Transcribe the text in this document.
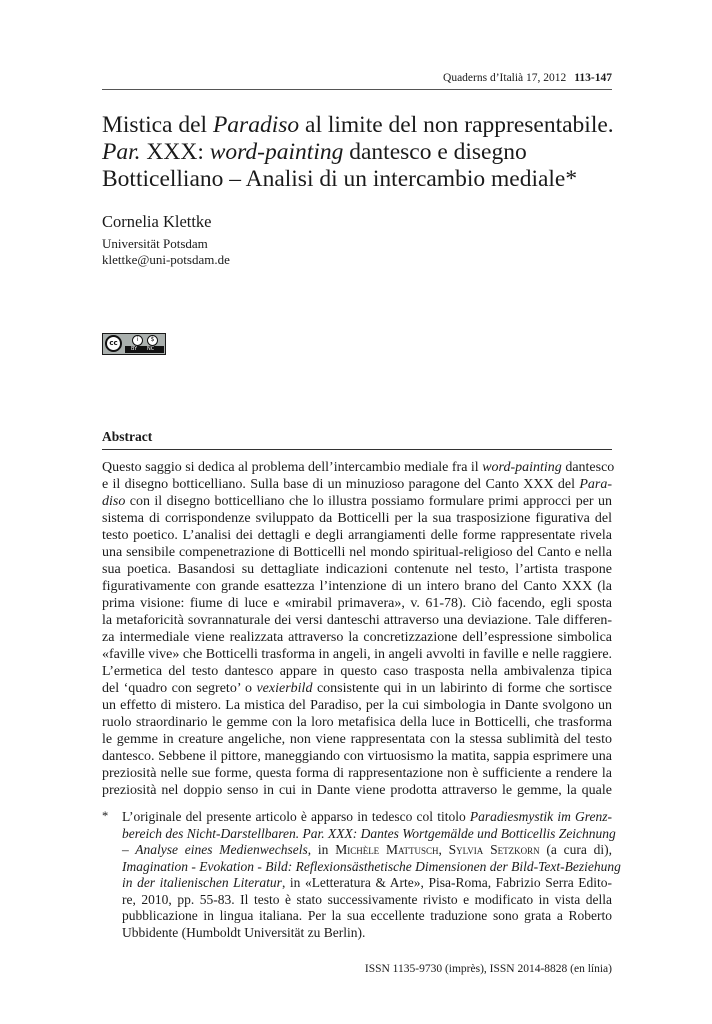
Quaderns d’Italià 17, 2012 113-147
Mistica del Paradiso al limite del non rappresentabile.
Par. XXX: word-painting dantesco e disegno
Botticelliano – Analisi di un intercambio mediale*
Cornelia Klettke
Universität Potsdam
klettke@uni-potsdam.de
cc	i	$
BY NC
Abstract
Questo saggio si dedica al problema dell’intercambio mediale fra il word-painting dantesco
e il disegno botticelliano. Sulla base di un minuzioso paragone del Canto XXX del Para-
diso con il disegno botticelliano che lo illustra possiamo formulare primi approcci per un
sistema di corrispondenze sviluppato da Botticelli per la sua trasposizione figurativa del
testo poetico. L’analisi dei dettagli e degli arrangiamenti delle forme rappresentate rivela
una sensibile compenetrazione di Botticelli nel mondo spiritual-religioso del Canto e nella
sua poetica. Basandosi su dettagliate indicazioni contenute nel testo, l’artista traspone
figurativamente con grande esattezza l’intenzione di un intero brano del Canto XXX (la
prima visione: fiume di luce e «mirabil primavera», v. 61-78). Ciò facendo, egli sposta
la metaforicità sovrannaturale dei versi danteschi attraverso una deviazione. Tale differen-
za intermediale viene realizzata attraverso la concretizzazione dell’espressione simbolica
«faville vive» che Botticelli trasforma in angeli, in angeli avvolti in faville e nelle raggiere.
L’ermetica del testo dantesco appare in questo caso trasposta nella ambivalenza tipica
del ‘quadro con segreto’ o vexierbild consistente qui in un labirinto di forme che sortisce
un effetto di mistero. La mistica del Paradiso, per la cui simbologia in Dante svolgono un
ruolo straordinario le gemme con la loro metafisica della luce in Botticelli, che trasforma
le gemme in creature angeliche, non viene rappresentata con la stessa sublimità del testo
dantesco. Sebbene il pittore, maneggiando con virtuosismo la matita, sappia esprimere una
preziosità nelle sue forme, questa forma di rappresentazione non è sufficiente a rendere la
preziosità nel doppio senso in cui in Dante viene prodotta attraverso le gemme, la quale
* L’originale del presente articolo è apparso in tedesco col titolo Paradiesmystik im Grenz-
bereich des Nicht-Darstellbaren. Par. XXX: Dantes Wortgemälde und Botticellis Zeichnung
– Analyse eines Medienwechsels, in Michèle Mattusch, Sylvia Setzkorn (a cura di),
Imagination - Evokation - Bild: Reflexionsästhetische Dimensionen der Bild-Text-Beziehung
in der italienischen Literatur, in «Letteratura & Arte», Pisa-Roma, Fabrizio Serra Edito-
re, 2010, pp. 55-83. Il testo è stato successivamente rivisto e modificato in vista della
pubblicazione in lingua italiana. Per la sua eccellente traduzione sono grata a Roberto
Ubbidente (Humboldt Universität zu Berlin).
ISSN 1135-9730 (imprès), ISSN 2014-8828 (en línia)
